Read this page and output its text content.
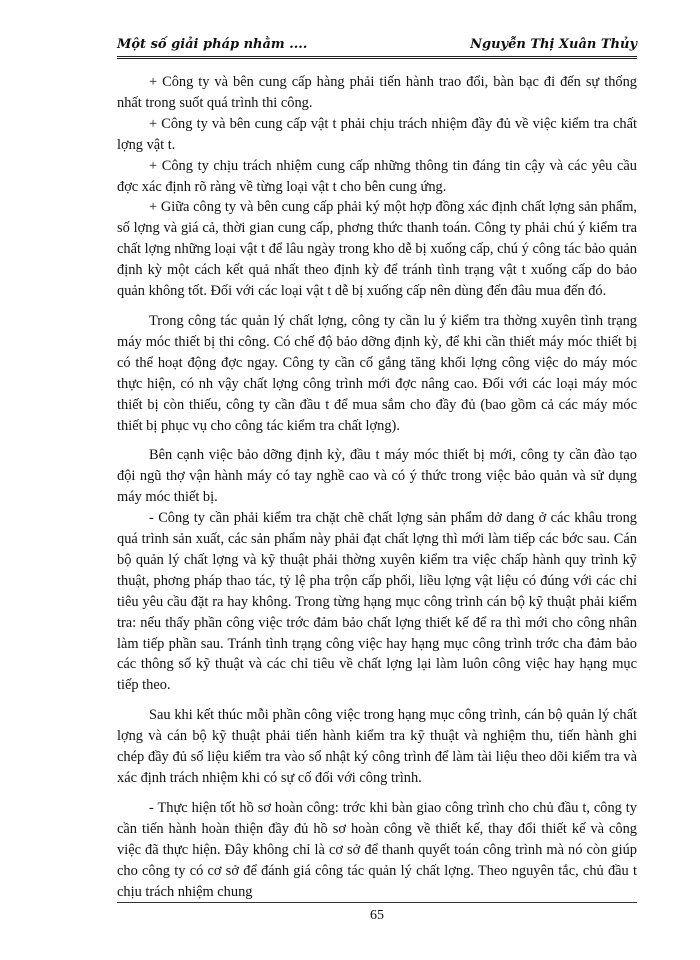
Một số giải pháp nhằm ....	Nguyễn Thị Xuân Thủy

+ Công ty và bên cung cấp hàng phải tiến hành trao đổi, bàn bạc đi đến sự thống nhất trong suốt quá trình thi công.

+ Công ty và bên cung cấp vật t phải chịu trách nhiệm đầy đủ về việc kiểm tra chất lợng vật t.

+ Công ty chịu trách nhiệm cung cấp những thông tin đáng tin cậy và các yêu cầu đợc xác định rõ ràng về từng loại vật t cho bên cung ứng.

+ Giữa công ty và bên cung cấp phải ký một hợp đồng xác định chất lợng sản phẩm, số lợng và giá cả, thời gian cung cấp, phơng thức thanh toán. Công ty phải chú ý kiểm tra chất lợng những loại vật t để lâu ngày trong kho dễ bị xuống cấp, chú ý công tác bảo quản định kỳ một cách kết quả nhất theo định kỳ để tránh tình trạng vật t xuống cấp do bảo quản không tốt. Đối với các loại vật t dễ bị xuống cấp nên dùng đến đâu mua đến đó.

Trong công tác quản lý chất lợng, công ty cần lu ý kiểm tra thờng xuyên tình trạng máy móc thiết bị thi công. Có chế độ bảo dỡng định kỳ, để khi cần thiết máy móc thiết bị có thể hoạt động đợc ngay. Công ty cần cố gắng tăng khối lợng công việc do máy móc thực hiện, có nh vậy chất lợng công trình mới đợc nâng cao. Đối với các loại máy móc thiết bị còn thiếu, công ty cần đầu t để mua sắm cho đầy đủ (bao gồm cả các máy móc thiết bị phục vụ cho công tác kiểm tra chất lợng).

Bên cạnh việc bảo dỡng định kỳ, đầu t máy móc thiết bị mới, công ty cần đào tạo đội ngũ thợ vận hành máy có tay nghề cao và có ý thức trong việc bảo quản và sử dụng máy móc thiết bị.

- Công ty cần phải kiểm tra chặt chẽ chất lợng sản phẩm dở dang ở các khâu trong quá trình sản xuất, các sản phẩm này phải đạt chất lợng thì mới làm tiếp các bớc sau. Cán bộ quản lý chất lợng và kỹ thuật phải thờng xuyên kiểm tra việc chấp hành quy trình kỹ thuật, phơng pháp thao tác, tỷ lệ pha trộn cấp phối, liều lợng vật liệu có đúng với các chỉ tiêu yêu cầu đặt ra hay không. Trong từng hạng mục công trình cán bộ kỹ thuật phải kiểm tra: nếu thấy phần công việc trớc đảm bảo chất lợng thiết kế để ra thì mới cho công nhân làm tiếp phần sau. Tránh tình trạng công việc hay hạng mục công trình trớc cha đảm bảo các thông số kỹ thuật và các chỉ tiêu về chất lợng lại làm luôn công việc hay hạng mục tiếp theo.

Sau khi kết thúc mỗi phần công việc trong hạng mục công trình, cán bộ quản lý chất lợng và cán bộ kỹ thuật phải tiến hành kiểm tra kỹ thuật và nghiệm thu, tiến hành ghi chép đầy đủ số liệu kiểm tra vào sổ nhật ký công trình để làm tài liệu theo dõi kiểm tra và xác định trách nhiệm khi có sự cố đối với công trình.

- Thực hiện tốt hồ sơ hoàn công: trớc khi bàn giao công trình cho chủ đầu t, công ty cần tiến hành hoàn thiện đầy đủ hồ sơ hoàn công về thiết kế, thay đổi thiết kế và công việc đã thực hiện. Đây không chỉ là cơ sở để thanh quyết toán công trình mà nó còn giúp cho công ty có cơ sở để đánh giá công tác quản lý chất lợng. Theo nguyên tắc, chủ đầu t chịu trách nhiệm chung

65
